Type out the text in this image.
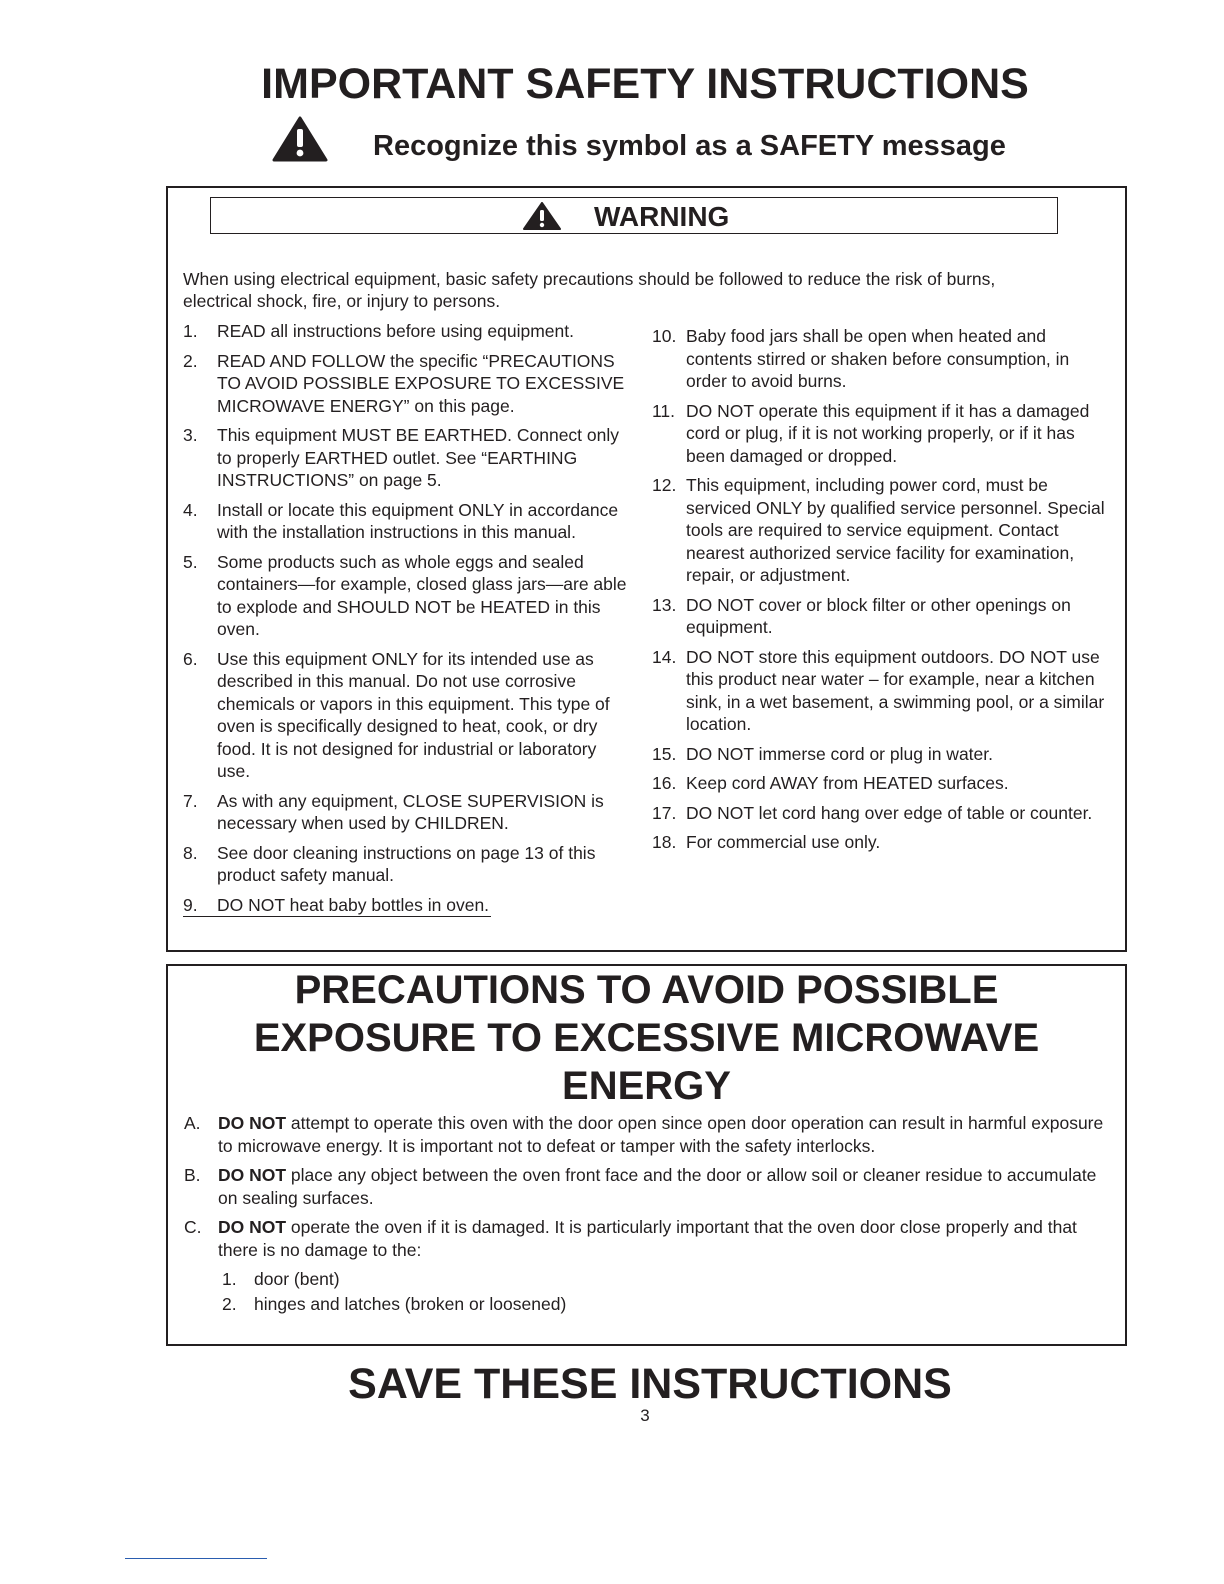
IMPORTANT SAFETY INSTRUCTIONS
Recognize this symbol as a SAFETY message
WARNING
When using electrical equipment, basic safety precautions should be followed to reduce the risk of burns,
electrical shock, fire, or injury to persons.
1. READ all instructions before using equipment.
2. READ AND FOLLOW the specific “PRECAUTIONS TO AVOID POSSIBLE EXPOSURE TO EXCESSIVE MICROWAVE ENERGY” on this page.
3. This equipment MUST BE EARTHED. Connect only to properly EARTHED outlet. See “EARTHING INSTRUCTIONS” on page 5.
4. Install or locate this equipment ONLY in accordance with the installation instructions in this manual.
5. Some products such as whole eggs and sealed containers—for example, closed glass jars—are able to explode and SHOULD NOT be HEATED in this oven.
6. Use this equipment ONLY for its intended use as described in this manual. Do not use corrosive chemicals or vapors in this equipment. This type of oven is specifically designed to heat, cook, or dry food. It is not designed for industrial or laboratory use.
7. As with any equipment, CLOSE SUPERVISION is necessary when used by CHILDREN.
8. See door cleaning instructions on page 13 of this product safety manual.
9. DO NOT heat baby bottles in oven.
10. Baby food jars shall be open when heated and contents stirred or shaken before consumption, in order to avoid burns.
11. DO NOT operate this equipment if it has a damaged cord or plug, if it is not working properly, or if it has been damaged or dropped.
12. This equipment, including power cord, must be serviced ONLY by qualified service personnel. Special tools are required to service equipment. Contact nearest authorized service facility for examination, repair, or adjustment.
13. DO NOT cover or block filter or other openings on equipment.
14. DO NOT store this equipment outdoors. DO NOT use this product near water – for example, near a kitchen sink, in a wet basement, a swimming pool, or a similar location.
15. DO NOT immerse cord or plug in water.
16. Keep cord AWAY from HEATED surfaces.
17. DO NOT let cord hang over edge of table or counter.
18. For commercial use only.
PRECAUTIONS TO AVOID POSSIBLE
EXPOSURE TO EXCESSIVE MICROWAVE
ENERGY
A. DO NOT attempt to operate this oven with the door open since open door operation can result in harmful exposure to microwave energy. It is important not to defeat or tamper with the safety interlocks.
B. DO NOT place any object between the oven front face and the door or allow soil or cleaner residue to accumulate on sealing surfaces.
C. DO NOT operate the oven if it is damaged. It is particularly important that the oven door close properly and that there is no damage to the:
1. door (bent)
2. hinges and latches (broken or loosened)
SAVE THESE INSTRUCTIONS
3
